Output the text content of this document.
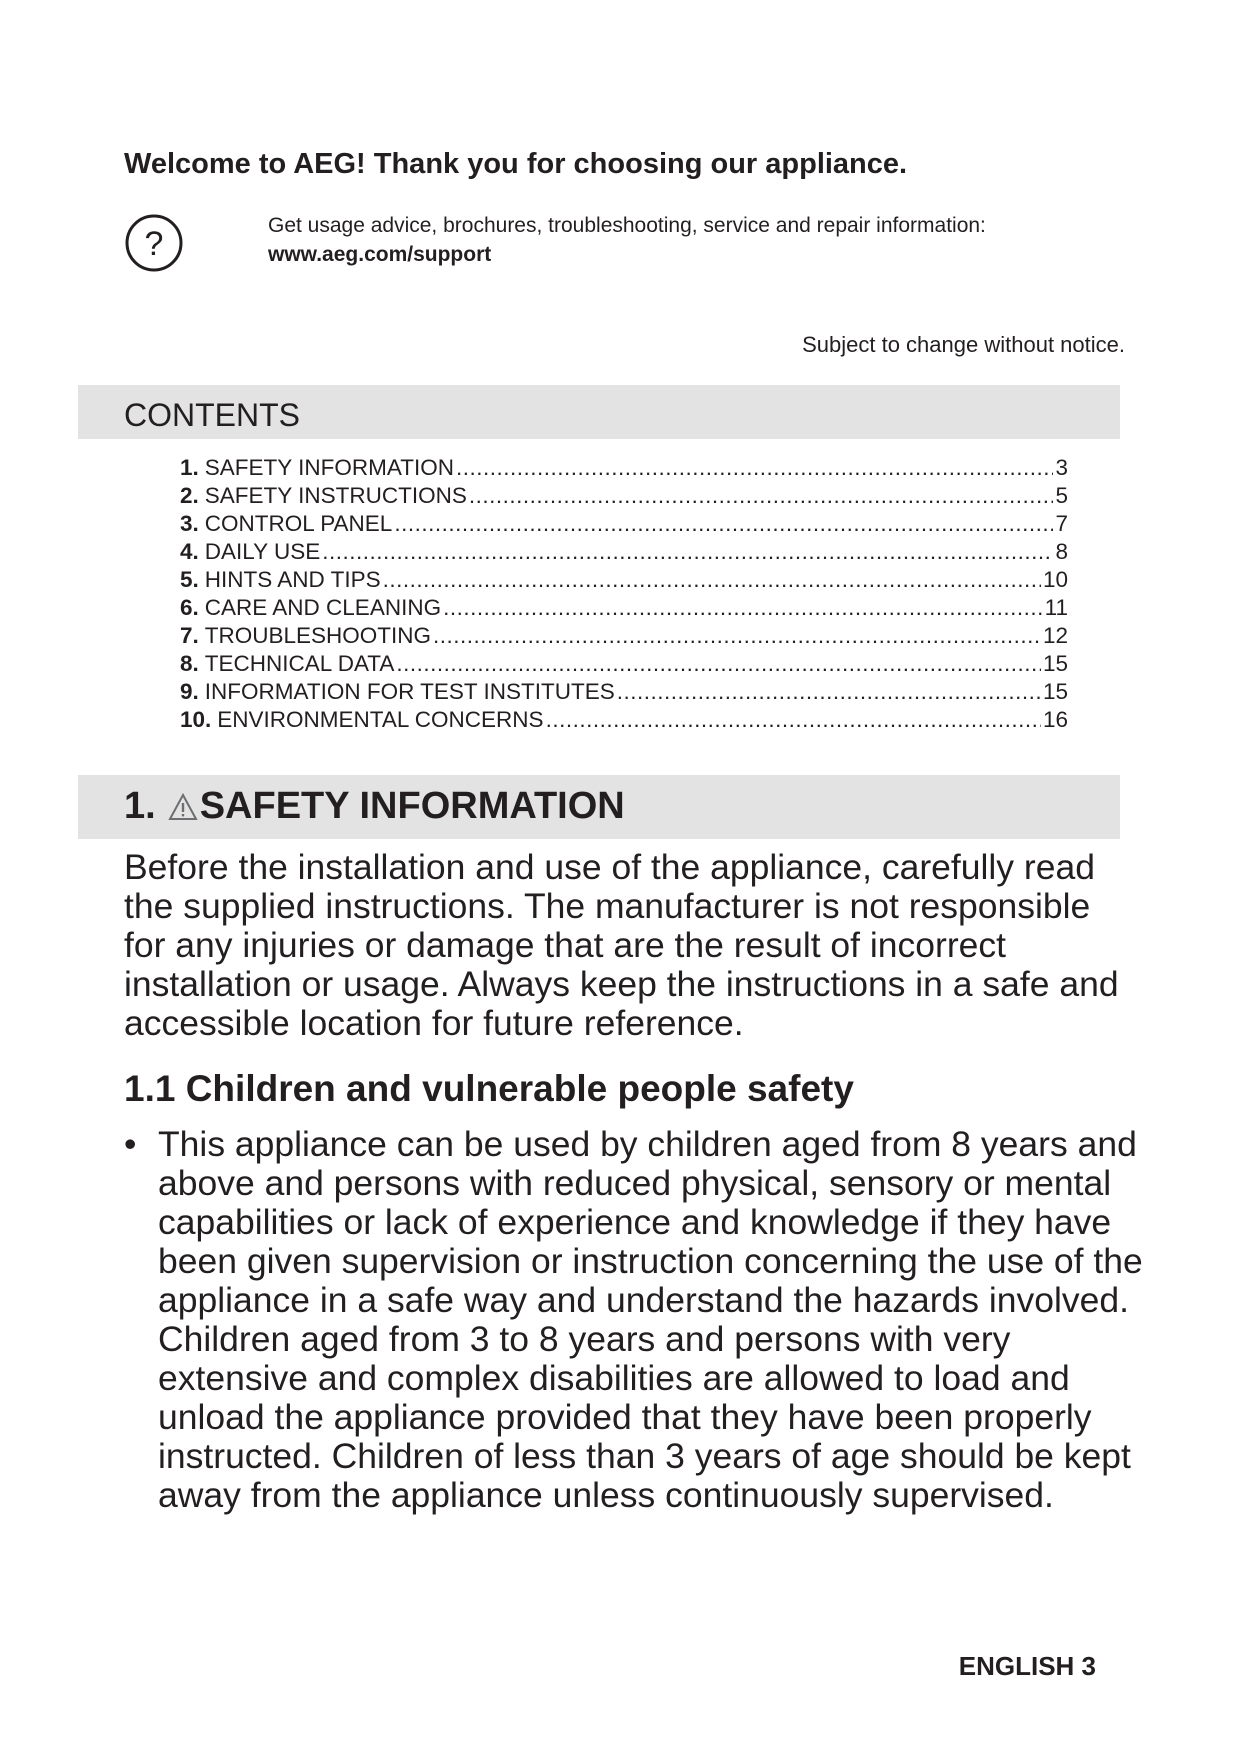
Welcome to AEG! Thank you for choosing our appliance.
?	Get usage advice, brochures, troubleshooting, service and repair information:
www.aeg.com/support
Subject to change without notice.
CONTENTS
1. SAFETY INFORMATION .....	3
2. SAFETY INSTRUCTIONS .....	5
3. CONTROL PANEL .....	7
4. DAILY USE .....	8
5. HINTS AND TIPS .....	10
6. CARE AND CLEANING .....	11
7. TROUBLESHOOTING .....	12
8. TECHNICAL DATA .....	15
9. INFORMATION FOR TEST INSTITUTES .....	15
10. ENVIRONMENTAL CONCERNS .....	16
1. SAFETY INFORMATION

Before the installation and use of the appliance, carefully read the supplied instructions. The manufacturer is not responsible for any injuries or damage that are the result of incorrect installation or usage. Always keep the instructions in a safe and accessible location for future reference.

1.1 Children and vulnerable people safety

• This appliance can be used by children aged from 8 years and above and persons with reduced physical, sensory or mental capabilities or lack of experience and knowledge if they have been given supervision or instruction concerning the use of the appliance in a safe way and understand the hazards involved. Children aged from 3 to 8 years and persons with very extensive and complex disabilities are allowed to load and unload the appliance provided that they have been properly instructed. Children of less than 3 years of age should be kept away from the appliance unless continuously supervised.

ENGLISH 3
